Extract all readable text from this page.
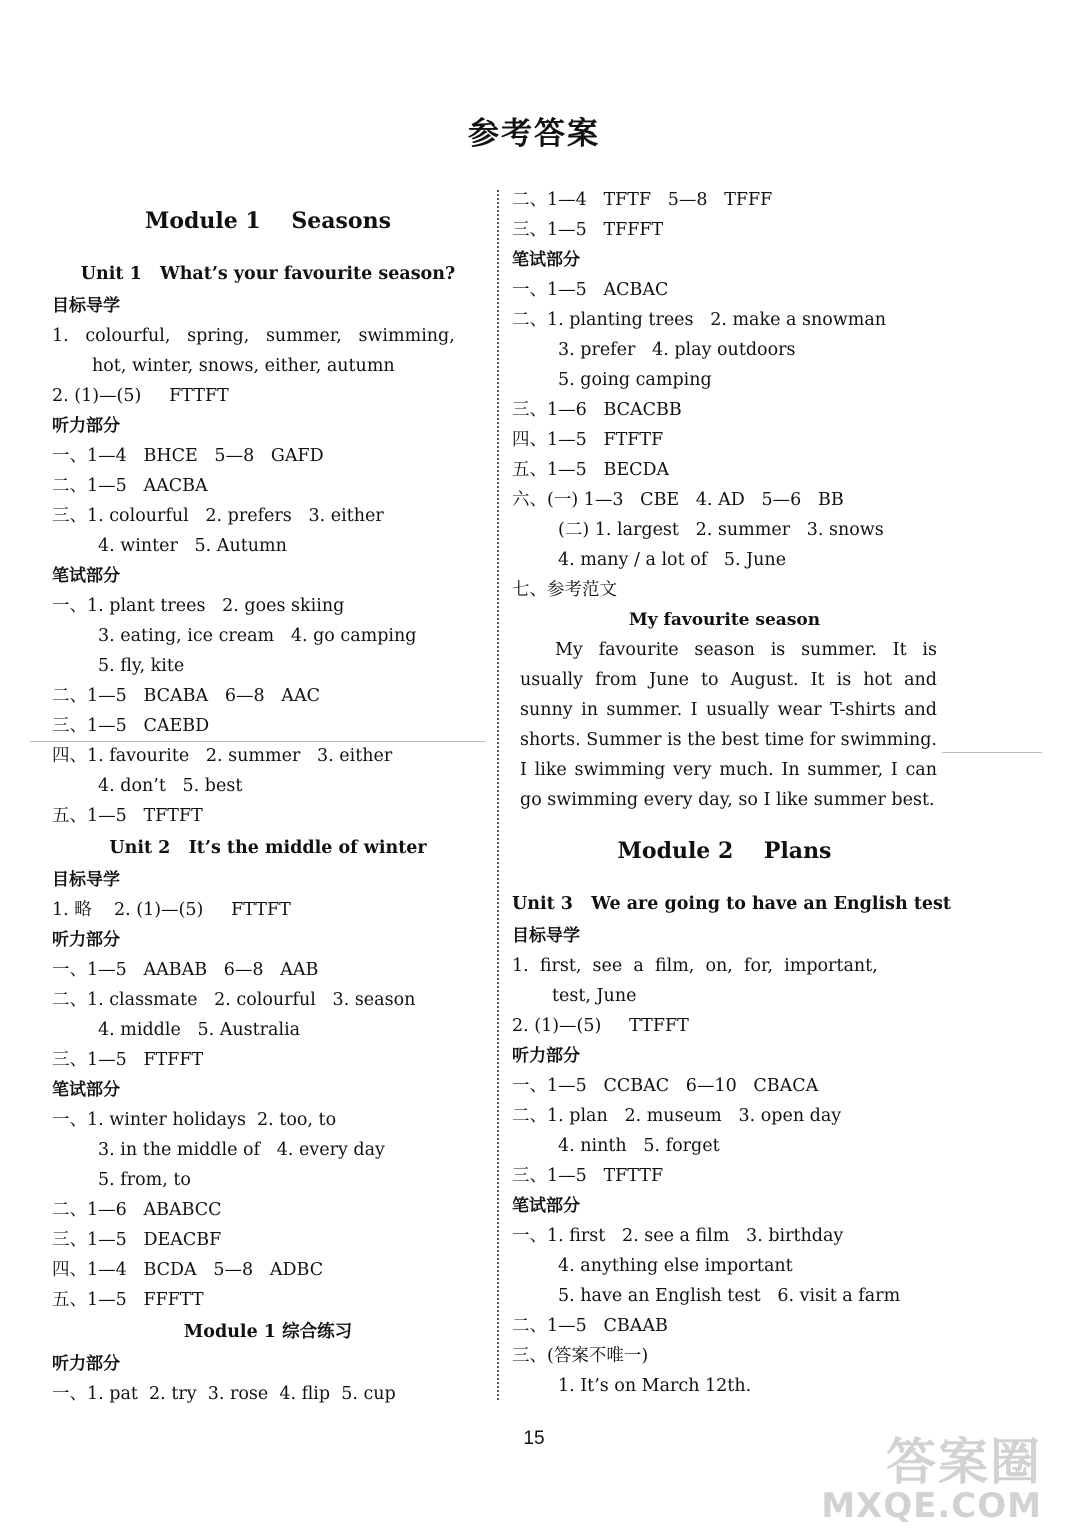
参考答案
Module 1    Seasons
Unit 1   What’s your favourite season?
目标导学
1.   colourful,   spring,   summer,   swimming,
hot, winter, snows, either, autumn
2. (1)—(5)     FTTFT
听力部分
一、1—4   BHCE   5—8   GAFD
二、1—5   AACBA
三、1. colourful   2. prefers   3. either
4. winter   5. Autumn
笔试部分
一、1. plant trees   2. goes skiing
3. eating, ice cream   4. go camping
5. fly, kite
二、1—5   BCABA   6—8   AAC
三、1—5   CAEBD
四、1. favourite   2. summer   3. either
4. don’t   5. best
五、1—5   TFTFT
Unit 2   It’s the middle of winter
目标导学
1. 略    2. (1)—(5)     FTTFT
听力部分
一、1—5   AABAB   6—8   AAB
二、1. classmate   2. colourful   3. season
4. middle   5. Australia
三、1—5   FTFFT
笔试部分
一、1. winter holidays  2. too, to
3. in the middle of   4. every day
5. from, to
二、1—6   ABABCC
三、1—5   DEACBF
四、1—4   BCDA   5—8   ADBC
五、1—5   FFFTT
Module 1 综合练习
听力部分
一、1. pat  2. try  3. rose  4. flip  5. cup
二、1—4   TFTF   5—8   TFFF
三、1—5   TFFFT
笔试部分
一、1—5   ACBAC
二、1. planting trees   2. make a snowman
3. prefer   4. play outdoors
5. going camping
三、1—6   BCACBB
四、1—5   FTFTF
五、1—5   BECDA
六、(一) 1—3   CBE   4. AD   5—6   BB
(二) 1. largest   2. summer   3. snows
4. many / a lot of   5. June
七、参考范文
My favourite season
My favourite season is summer. It is usually from June to August. It is hot and sunny in summer. I usually wear T-shirts and shorts. Summer is the best time for swimming. I like swimming very much. In summer, I can go swimming every day, so I like summer best.
Module 2    Plans
Unit 3   We are going to have an English test
目标导学
1.  first,  see  a  film,  on,  for,  important,
test, June
2. (1)—(5)     TTFFT
听力部分
一、1—5   CCBAC   6—10   CBACA
二、1. plan   2. museum   3. open day
4. ninth   5. forget
三、1—5   TFTTF
笔试部分
一、1. first   2. see a film   3. birthday
4. anything else important
5. have an English test   6. visit a farm
二、1—5   CBAAB
三、(答案不唯一)
1. It’s on March 12th.
15	答案圈
MXQE.COM
